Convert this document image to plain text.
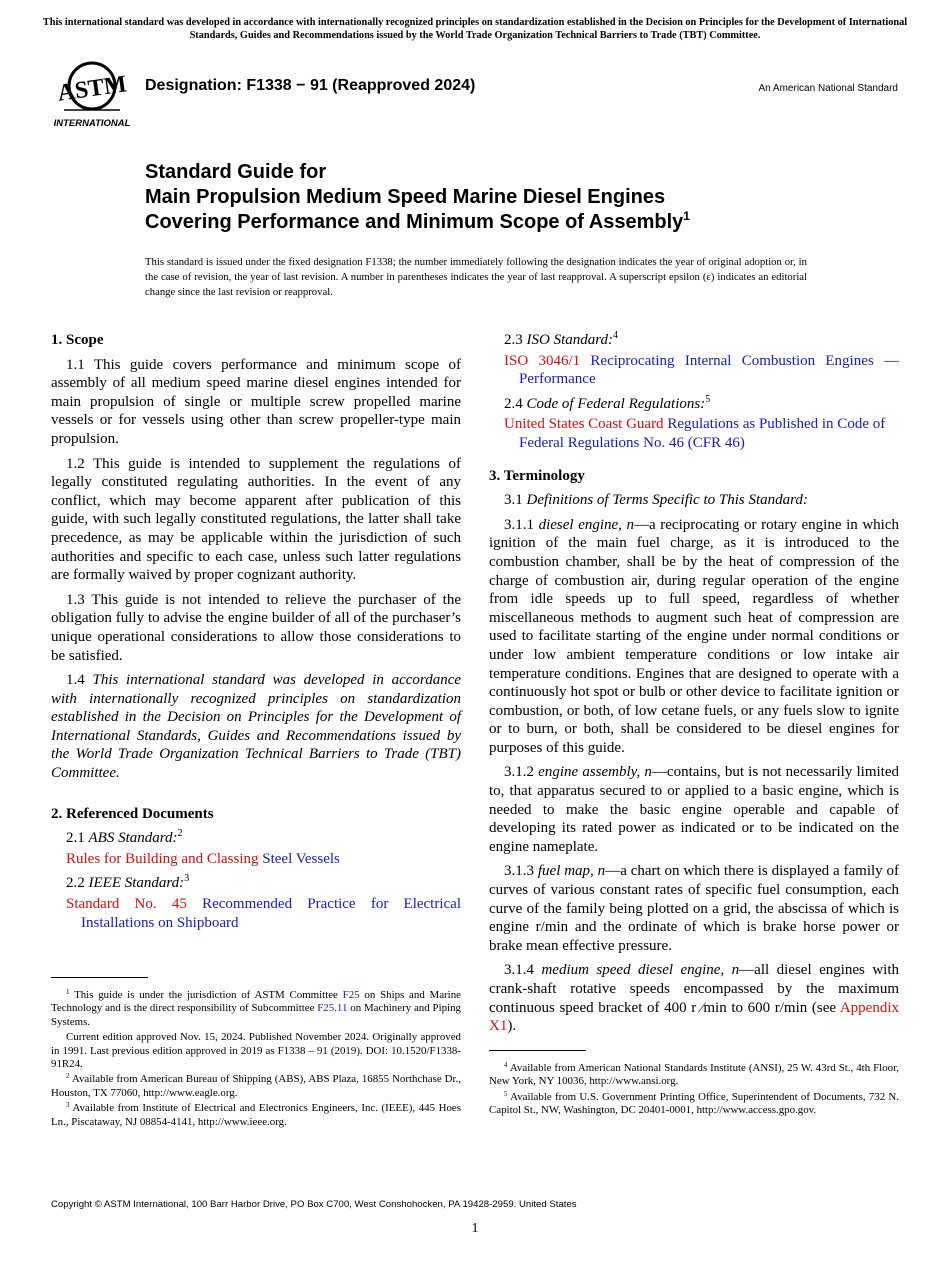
This international standard was developed in accordance with internationally recognized principles on standardization established in the Decision on Principles for the Development of International Standards, Guides and Recommendations issued by the World Trade Organization Technical Barriers to Trade (TBT) Committee.
ASTM
INTERNATIONAL
Designation: F1338 − 91 (Reapproved 2024)	An American National Standard
Standard Guide for
Main Propulsion Medium Speed Marine Diesel Engines
Covering Performance and Minimum Scope of Assembly$^1$
This standard is issued under the fixed designation F1338; the number immediately following the designation indicates the year of original adoption or, in the case of revision, the year of last revision. A number in parentheses indicates the year of last reapproval. A superscript epsilon (ε) indicates an editorial change since the last revision or reapproval.
1. Scope

1.1 This guide covers performance and minimum scope of assembly of all medium speed marine diesel engines intended for main propulsion of single or multiple screw propelled marine vessels or for vessels using other than screw propeller-type main propulsion.

1.2 This guide is intended to supplement the regulations of legally constituted regulating authorities. In the event of any conflict, which may become apparent after publication of this guide, with such legally constituted regulations, the latter shall take precedence, as may be applicable within the jurisdiction of such authorities and specific to each case, unless such latter regulations are formally waived by proper cognizant authority.

1.3 This guide is not intended to relieve the purchaser of the obligation fully to advise the engine builder of all of the purchaser’s unique operational considerations to allow those considerations to be satisfied.

1.4 This international standard was developed in accordance with internationally recognized principles on standardization established in the Decision on Principles for the Development of International Standards, Guides and Recommendations issued by the World Trade Organization Technical Barriers to Trade (TBT) Committee.

2. Referenced Documents
2.1 ABS Standard:$^2$
Rules for Building and Classing Steel Vessels
2.2 IEEE Standard:$^3$
Standard No. 45 Recommended Practice for Electrical Installations on Shipboard
2.3 ISO Standard:$^4$
ISO 3046/1 Reciprocating Internal Combustion Engines — Performance
2.4 Code of Federal Regulations:$^5$
United States Coast Guard Regulations as Published in Code of Federal Regulations No. 46 (CFR 46)
3. Terminology

3.1 Definitions of Terms Specific to This Standard:

3.1.1 diesel engine, n—a reciprocating or rotary engine in which ignition of the main fuel charge, as it is introduced to the combustion chamber, shall be by the heat of compression of the charge of combustion air, during regular operation of the engine from idle speeds up to full speed, regardless of whether miscellaneous methods to augment such heat of compression are used to facilitate starting of the engine under normal conditions or under low ambient temperature conditions or low intake air temperature conditions. Engines that are designed to operate with a continuously hot spot or bulb or other device to facilitate ignition or combustion, or both, of low cetane fuels, or any fuels slow to ignite or to burn, or both, shall be considered to be diesel engines for purposes of this guide.

3.1.2 engine assembly, n—contains, but is not necessarily limited to, that apparatus secured to or applied to a basic engine, which is needed to make the basic engine operable and capable of developing its rated power as indicated or to be indicated on the engine nameplate.

3.1.3 fuel map, n—a chart on which there is displayed a family of curves of various constant rates of specific fuel consumption, each curve of the family being plotted on a grid, the abscissa of which is engine r/min and the ordinate of which is brake horse power or brake mean effective pressure.

3.1.4 medium speed diesel engine, n—all diesel engines with crank-shaft rotative speeds encompassed by the maximum continuous speed bracket of 400 r ⁄min to 600 r/min (see Appendix X1).

$^1$ This guide is under the jurisdiction of ASTM Committee F25 on Ships and Marine Technology and is the direct responsibility of Subcommittee F25.11 on Machinery and Piping Systems.

Current edition approved Nov. 15, 2024. Published November 2024. Originally approved in 1991. Last previous edition approved in 2019 as F1338 – 91 (2019). DOI: 10.1520/F1338-91R24.

$^2$ Available from American Bureau of Shipping (ABS), ABS Plaza, 16855 Northchase Dr., Houston, TX 77060, http://www.eagle.org.

$^3$ Available from Institute of Electrical and Electronics Engineers, Inc. (IEEE), 445 Hoes Ln., Piscataway, NJ 08854-4141, http://www.ieee.org.

$^4$ Available from American National Standards Institute (ANSI), 25 W. 43rd St., 4th Floor, New York, NY 10036, http://www.ansi.org.

$^5$ Available from U.S. Government Printing Office, Superintendent of Documents, 732 N. Capitol St., NW, Washington, DC 20401-0001, http://www.access.gpo.gov.

Copyright © ASTM International, 100 Barr Harbor Drive, PO Box C700, West Conshohocken, PA 19428-2959. United States
1
